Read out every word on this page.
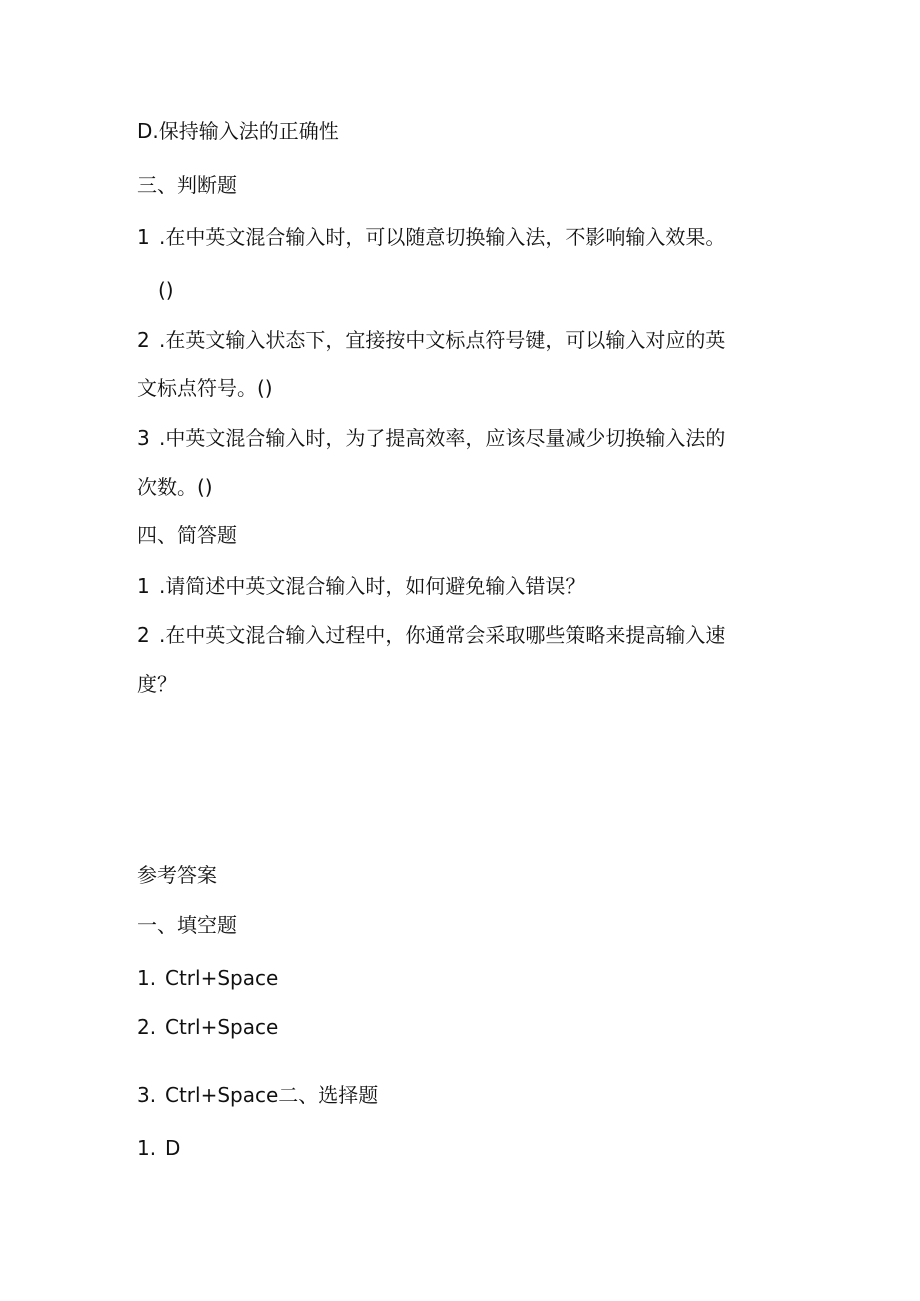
D.保持输入法的正确性
三、判断题
1 .在中英文混合输入时，可以随意切换输入法，不影响输入效果。
()
2 .在英文输入状态下，宜接按中文标点符号键，可以输入对应的英
文标点符号。()
3 .中英文混合输入时，为了提高效率，应该尽量减少切换输入法的
次数。()
四、简答题
1 .请简述中英文混合输入时，如何避免输入错误？
2 .在中英文混合输入过程中，你通常会采取哪些策略来提高输入速
度？
参考答案
一、填空题
1. Ctrl+Space
2. Ctrl+Space
3. Ctrl+Space二、选择题
1. D
